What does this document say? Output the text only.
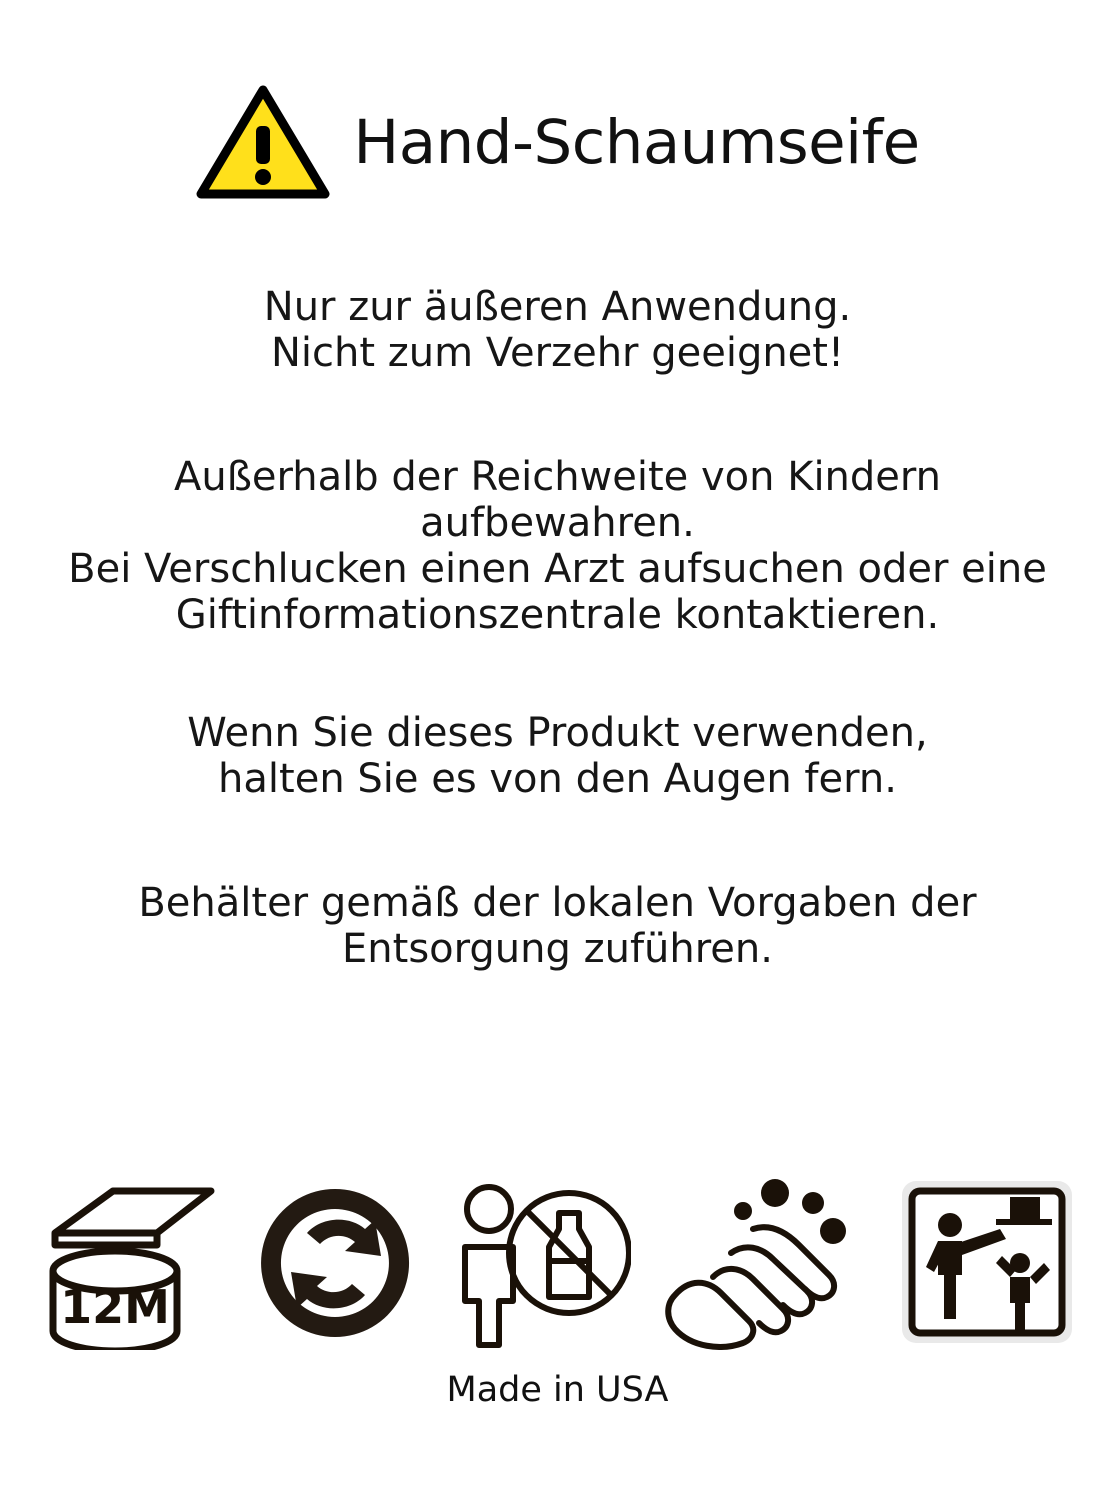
Hand-Schaumseife

Nur zur äußeren Anwendung.

Nicht zum Verzehr geeignet!

Außerhalb der Reichweite von Kindern

aufbewahren.

Bei Verschlucken einen Arzt aufsuchen oder eine

Giftinformationszentrale kontaktieren.

Wenn Sie dieses Produkt verwenden,

halten Sie es von den Augen fern.

Behälter gemäß der lokalen Vorgaben der

Entsorgung zuführen.

12M
Made in USA
